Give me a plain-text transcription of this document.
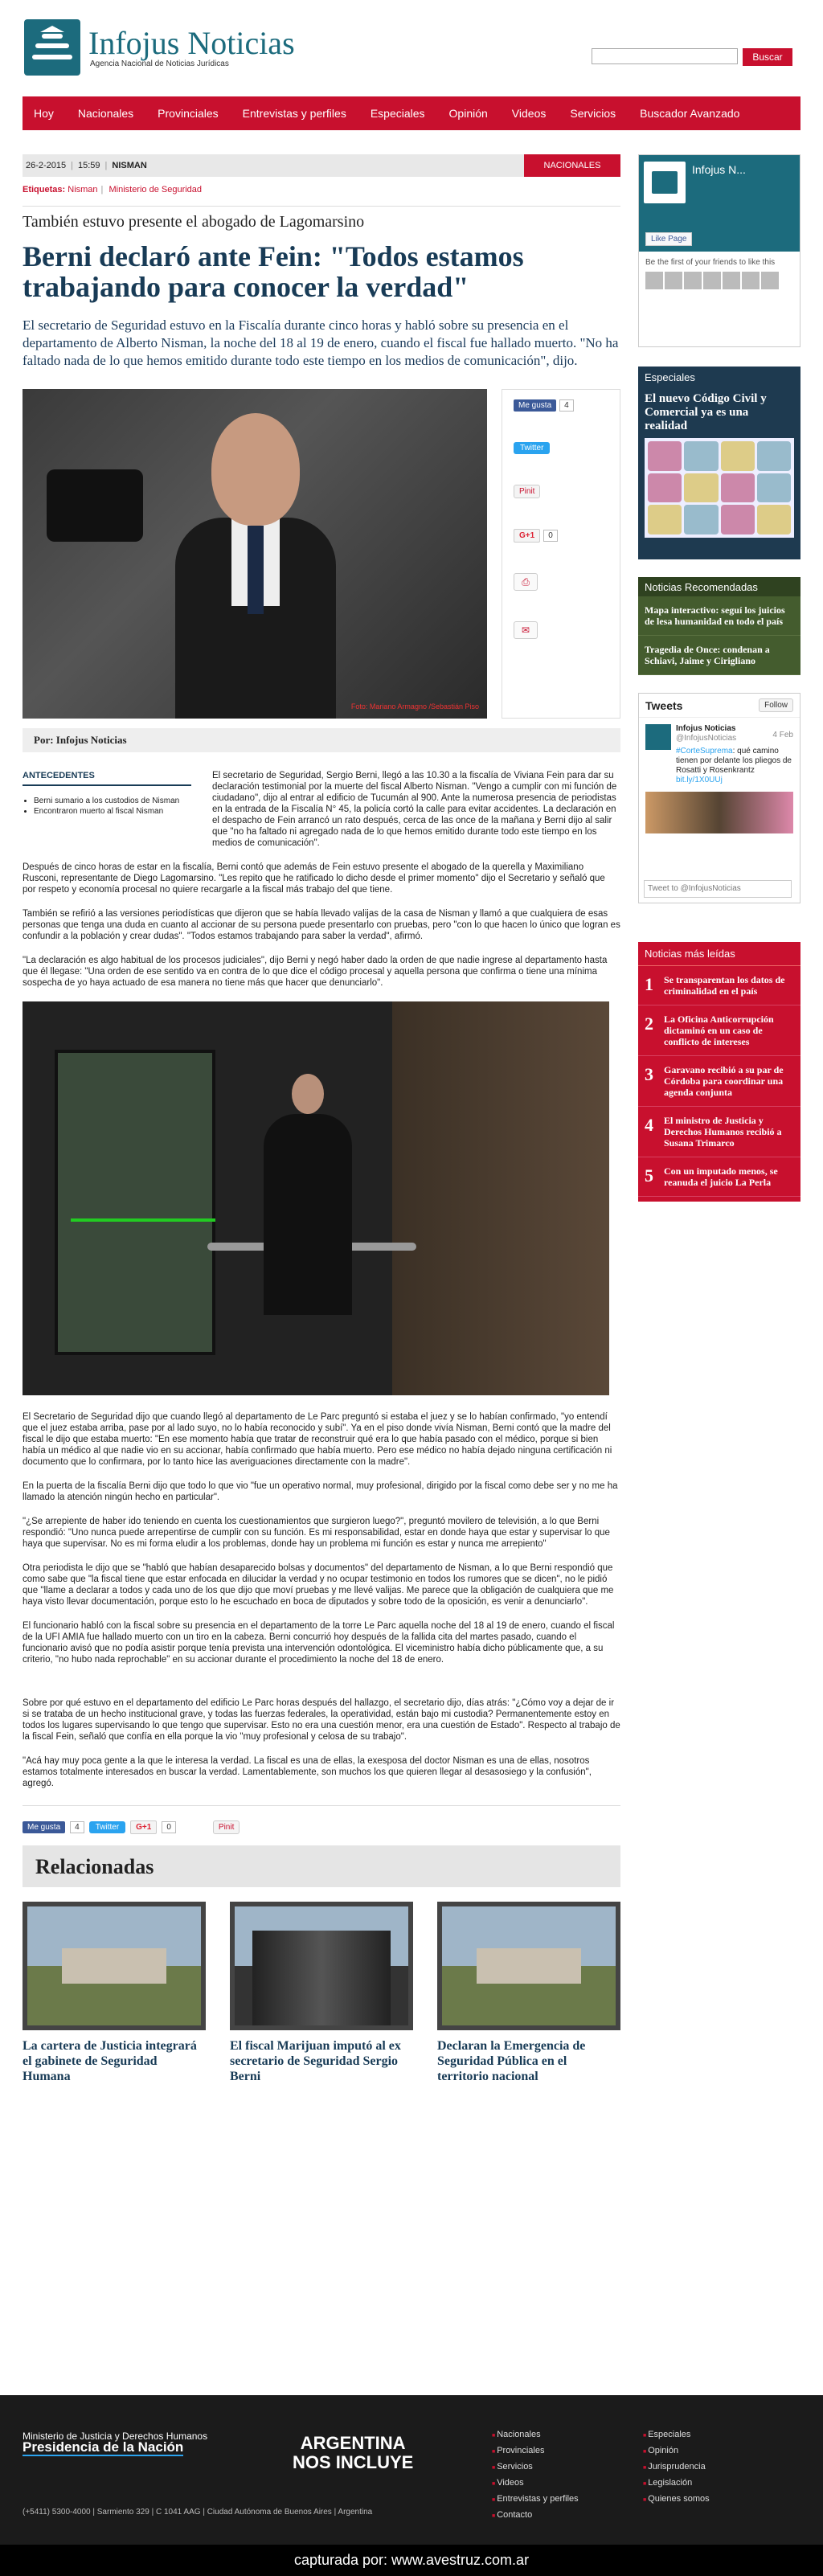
Infojus Noticias
Agencia Nacional de Noticias Jurídicas
Buscar
Hoy Nacionales Provinciales Entrevistas y perfiles Especiales Opinión Videos Servicios Buscador Avanzado
26-2-2015 | 15:59 | NISMAN	NACIONALES
Etiquetas: Nisman | Ministerio de Seguridad
También estuvo presente el abogado de Lagomarsino
Berni declaró ante Fein: "Todos estamos trabajando para conocer la verdad"

El secretario de Seguridad estuvo en la Fiscalía durante cinco horas y habló sobre su presencia en el departamento de Alberto Nisman, la noche del 18 al 19 de enero, cuando el fiscal fue hallado muerto. "No ha faltado nada de lo que hemos emitido durante todo este tiempo en los medios de comunicación", dijo.

Foto: Mariano Armagno /Sebastián Piso
Me gusta	4
Twitter
Pinit
G+1	0
⎙
✉
Por: Infojus Noticias
ANTECEDENTES
• Berni sumario a los custodios de Nisman
• Encontraron muerto al fiscal Nisman

El secretario de Seguridad, Sergio Berni, llegó a las 10.30 a la fiscalía de Viviana Fein para dar su declaración testimonial por la muerte del fiscal Alberto Nisman. "Vengo a cumplir con mi función de ciudadano", dijo al entrar al edificio de Tucumán al 900. Ante la numerosa presencia de periodistas en la entrada de la Fiscalía N° 45, la policía cortó la calle para evitar accidentes. La declaración en el despacho de Fein arrancó un rato después, cerca de las once de la mañana y Berni dijo al salir que "no ha faltado ni agregado nada de lo que hemos emitido durante todo este tiempo en los medios de comunicación".

Después de cinco horas de estar en la fiscalía, Berni contó que además de Fein estuvo presente el abogado de la querella y Maximiliano Rusconi, representante de Diego Lagomarsino. "Les repito que he ratificado lo dicho desde el primer momento" dijo el Secretario y señaló que por respeto y economía procesal no quiere recargarle a la fiscal más trabajo del que tiene.

También se refirió a las versiones periodísticas que dijeron que se había llevado valijas de la casa de Nisman y llamó a que cualquiera de esas personas que tenga una duda en cuanto al accionar de su persona puede presentarlo con pruebas, pero "con lo que hacen lo único que logran es confundir a la población y crear dudas". "Todos estamos trabajando para saber la verdad", afirmó.

"La declaración es algo habitual de los procesos judiciales", dijo Berni y negó haber dado la orden de que nadie ingrese al departamento hasta que él llegase: "Una orden de ese sentido va en contra de lo que dice el código procesal y aquella persona que confirma o tiene una mínima sospecha de yo haya actuado de esa manera no tiene más que hacer que denunciarlo".

El Secretario de Seguridad dijo que cuando llegó al departamento de Le Parc preguntó si estaba el juez y se lo habían confirmado, "yo entendí que el juez estaba arriba, pase por al lado suyo, no lo había reconocido y subí". Ya en el piso donde vivía Nisman, Berni contó que la madre del fiscal le dijo que estaba muerto: "En ese momento había que tratar de reconstruir qué era lo que había pasado con el médico, porque si bien había un médico al que nadie vio en su accionar, había confirmado que había muerto. Pero ese médico no había dejado ninguna certificación ni documento que lo confirmara, por lo tanto hice las averiguaciones directamente con la madre".

En la puerta de la fiscalía Berni dijo que todo lo que vio "fue un operativo normal, muy profesional, dirigido por la fiscal como debe ser y no me ha llamado la atención ningún hecho en particular".

"¿Se arrepiente de haber ido teniendo en cuenta los cuestionamientos que surgieron luego?", preguntó movilero de televisión, a lo que Berni respondió: "Uno nunca puede arrepentirse de cumplir con su función. Es mi responsabilidad, estar en donde haya que estar y supervisar lo que haya que supervisar. No es mi forma eludir a los problemas, donde hay un problema mi función es estar y nunca me arrepiento"

Otra periodista le dijo que se "habló que habían desaparecido bolsas y documentos" del departamento de Nisman, a lo que Berni respondió que como sabe que "la fiscal tiene que estar enfocada en dilucidar la verdad y no ocupar testimonio en todos los rumores que se dicen", no le pidió que "llame a declarar a todos y cada uno de los que dijo que moví pruebas y me llevé valijas. Me parece que la obligación de cualquiera que me haya visto llevar documentación, porque esto lo he escuchado en boca de diputados y sobre todo de la oposición, es venir a denunciarlo".

El funcionario habló con la fiscal sobre su presencia en el departamento de la torre Le Parc aquella noche del 18 al 19 de enero, cuando el fiscal de la UFI AMIA fue hallado muerto con un tiro en la cabeza. Berni concurrió hoy después de la fallida cita del martes pasado, cuando el funcionario avisó que no podía asistir porque tenía prevista una intervención odontológica. El viceministro había dicho públicamente que, a su criterio, "no hubo nada reprochable" en su accionar durante el procedimiento la noche del 18 de enero.

Sobre por qué estuvo en el departamento del edificio Le Parc horas después del hallazgo, el secretario dijo, días atrás: "¿Cómo voy a dejar de ir si se trataba de un hecho institucional grave, y todas las fuerzas federales, la operatividad, están bajo mi custodia? Permanentemente estoy en todos los lugares supervisando lo que tengo que supervisar. Esto no era una cuestión menor, era una cuestión de Estado". Respecto al trabajo de la fiscal Fein, señaló que confía en ella porque la vio "muy profesional y celosa de su trabajo".

"Acá hay muy poca gente a la que le interesa la verdad. La fiscal es una de ellas, la exesposa del doctor Nisman es una de ellas, nosotros estamos totalmente interesados en buscar la verdad. Lamentablemente, son muchos los que quieren llegar al desasosiego y la confusión", agregó.

Me gusta	4	Twitter	G+1	0	Pinit
Relacionadas
La cartera de Justicia integrará el gabinete de Seguridad Humana
El fiscal Marijuan imputó al ex secretario de Seguridad Sergio Berni
Declaran la Emergencia de Seguridad Pública en el territorio nacional
Infojus N...
Like Page
Be the first of your friends to like this
Especiales
El nuevo Código Civil y Comercial ya es una realidad
Noticias Recomendadas
Mapa interactivo: seguí los juicios de lesa humanidad en todo el país
Tragedia de Once: condenan a Schiavi, Jaime y Cirigliano
Tweets	Follow
Infojus Noticias
@InfojusNoticias
#CorteSuprema: qué camino tienen por delante los pliegos de Rosatti y Rosenkrantz bit.ly/1X0UUj
4 Feb
Tweet to @InfojusNoticias
Noticias más leídas
1	Se transparentan los datos de criminalidad en el país
2	La Oficina Anticorrupción dictaminó en un caso de conflicto de intereses
3	Garavano recibió a su par de Córdoba para coordinar una agenda conjunta
4	El ministro de Justicia y Derechos Humanos recibió a Susana Trimarco
5	Con un imputado menos, se reanuda el juicio La Perla
Ministerio de Justicia y Derechos Humanos
Presidencia de la Nación	ARGENTINA
NOS INCLUYE
(+5411) 5300-4000 | Sarmiento 329 | C 1041 AAG | Ciudad Autónoma de Buenos Aires | Argentina
■ Nacionales
■ Provinciales
■ Servicios
■ Videos
■ Entrevistas y perfiles
■ Contacto
■ Especiales
■ Opinión
■ Jurisprudencia
■ Legislación
■ Quienes somos
capturada por: www.avestruz.com.ar
